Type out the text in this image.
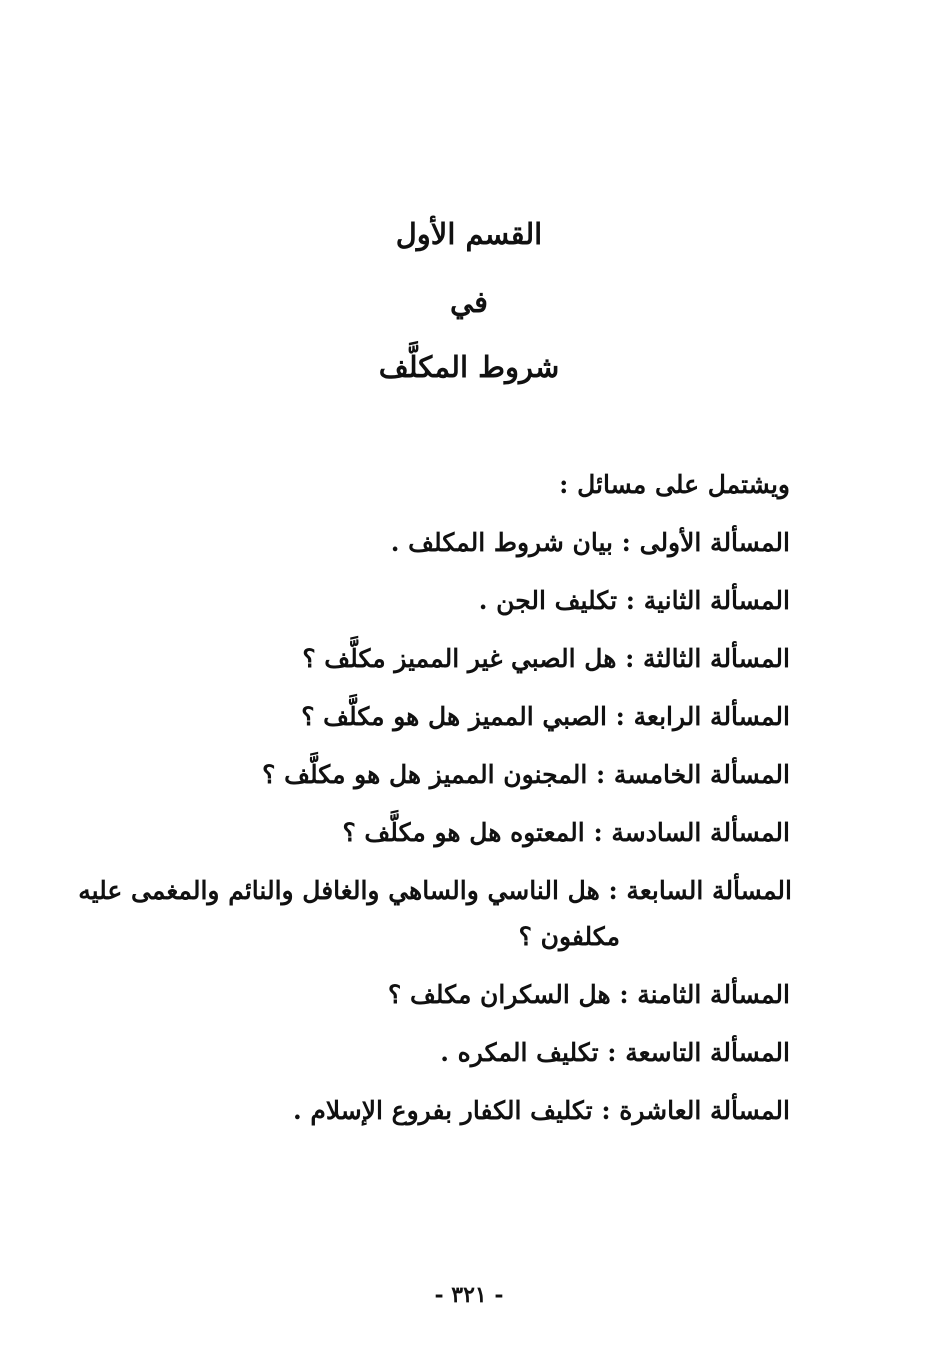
القسم الأول
في
شروط المكلَّف
ويشتمل على مسائل :
المسألة الأولى : بيان شروط المكلف .
المسألة الثانية : تكليف الجن .
المسألة الثالثة : هل الصبي غير المميز مكلَّف ؟
المسألة الرابعة : الصبي المميز هل هو مكلَّف ؟
المسألة الخامسة : المجنون المميز هل هو مكلَّف ؟
المسألة السادسة : المعتوه هل هو مكلَّف ؟
المسألة السابعة : هل الناسي والساهي والغافل والنائم والمغمى عليه
مكلفون ؟
المسألة الثامنة : هل السكران مكلف ؟
المسألة التاسعة : تكليف المكره .
المسألة العاشرة : تكليف الكفار بفروع الإسلام .
- ٣٢١ -
